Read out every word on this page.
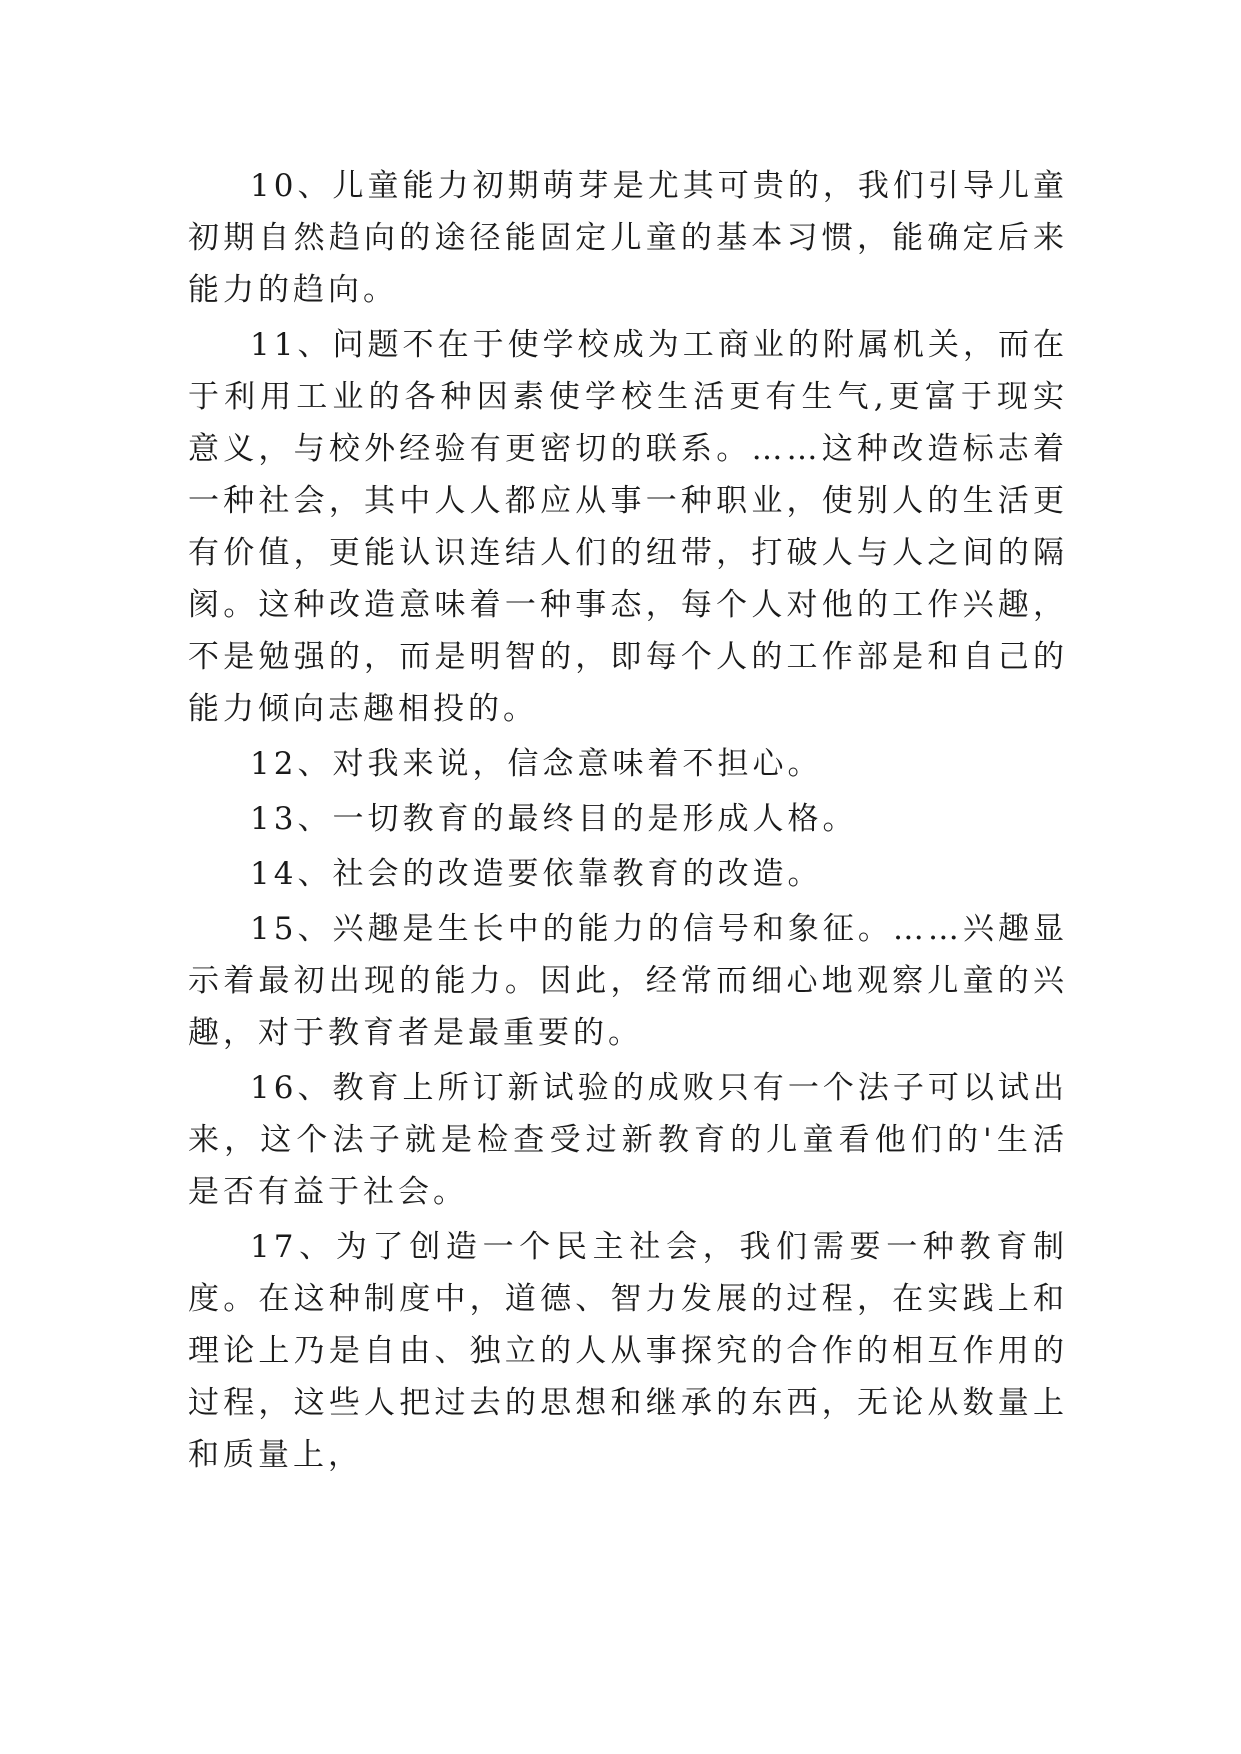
10、儿童能力初期萌芽是尤其可贵的，我们引导儿童初期自然趋向的途径能固定儿童的基本习惯，能确定后来能力的趋向。

11、问题不在于使学校成为工商业的附属机关，而在于利用工业的各种因素使学校生活更有生气,更富于现实意义，与校外经验有更密切的联系。……这种改造标志着一种社会，其中人人都应从事一种职业，使别人的生活更有价值，更能认识连结人们的纽带，打破人与人之间的隔阂。这种改造意味着一种事态，每个人对他的工作兴趣，不是勉强的，而是明智的，即每个人的工作部是和自己的能力倾向志趣相投的。

12、对我来说，信念意味着不担心。

13、一切教育的最终目的是形成人格。

14、社会的改造要依靠教育的改造。

15、兴趣是生长中的能力的信号和象征。……兴趣显示着最初出现的能力。因此，经常而细心地观察儿童的兴趣，对于教育者是最重要的。

16、教育上所订新试验的成败只有一个法子可以试出来，这个法子就是检查受过新教育的儿童看他们的'生活是否有益于社会。

17、为了创造一个民主社会，我们需要一种教育制度。在这种制度中，道德、智力发展的过程，在实践上和理论上乃是自由、独立的人从事探究的合作的相互作用的过程，这些人把过去的思想和继承的东西，无论从数量上和质量上，
